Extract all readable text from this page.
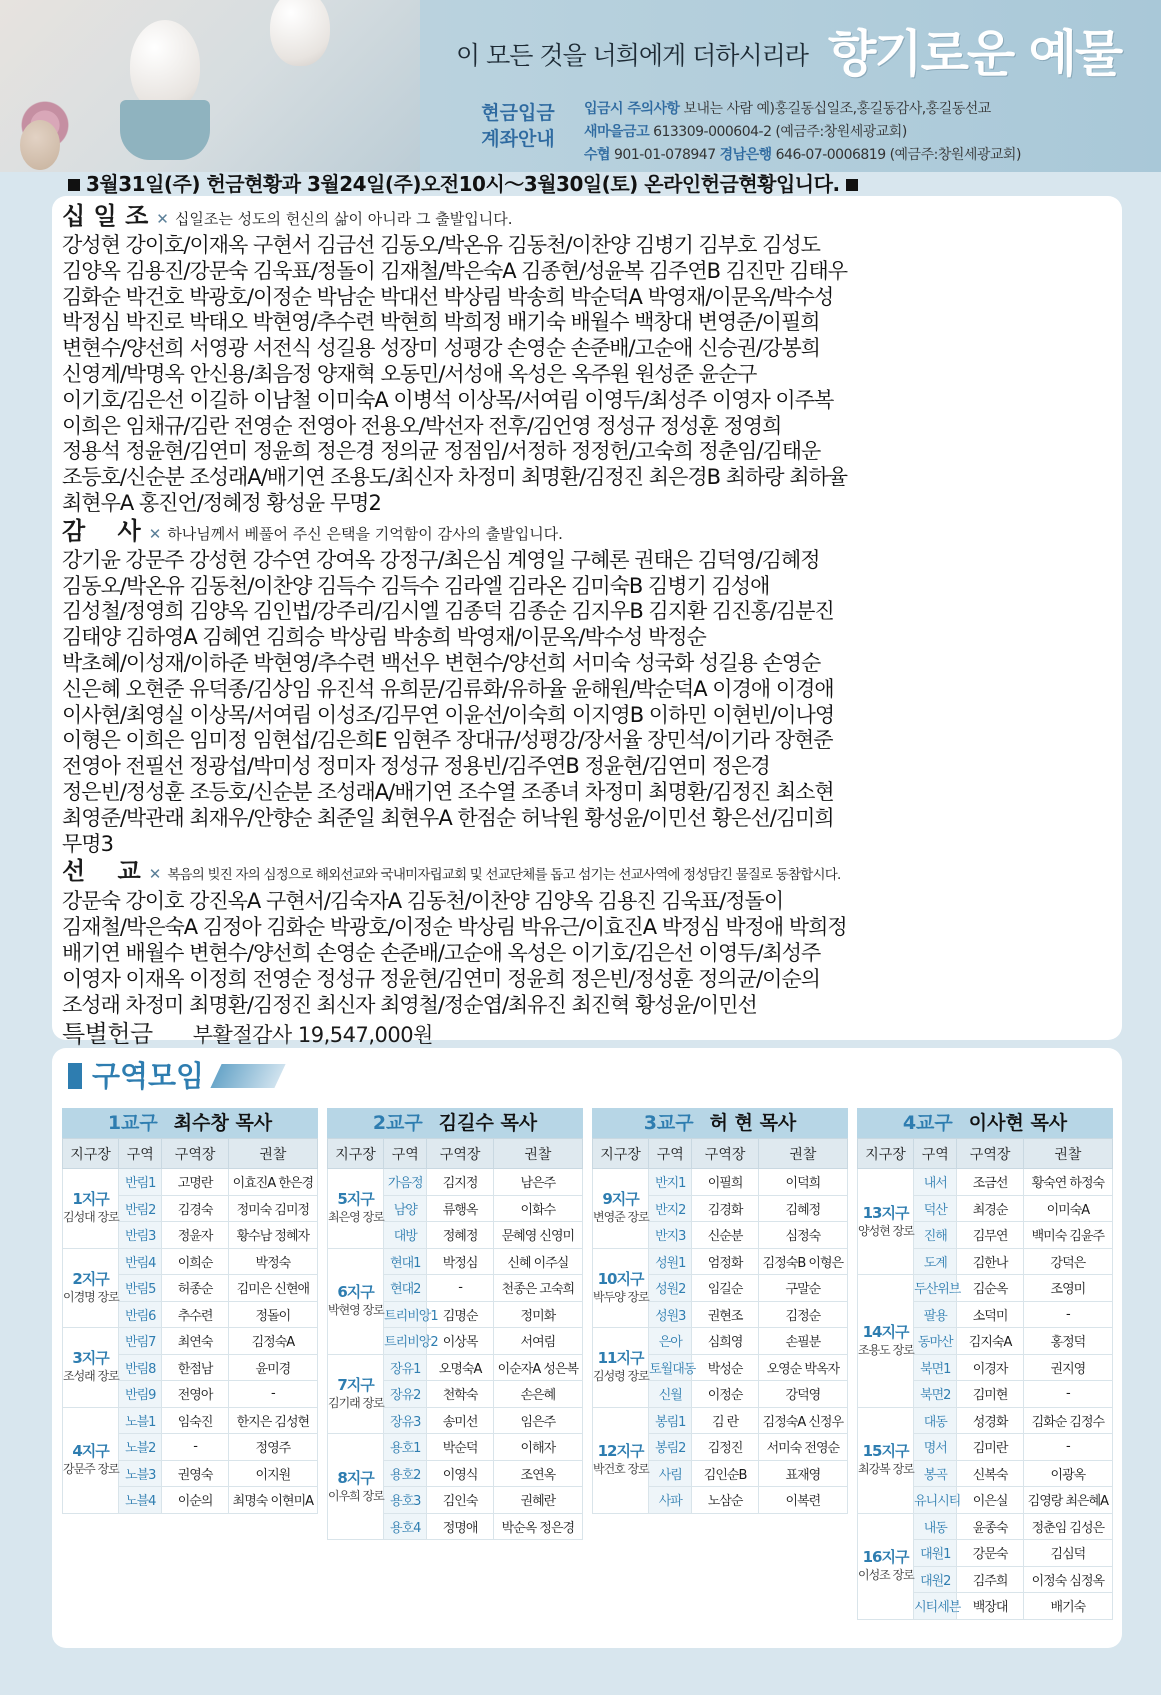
이 모든 것을 너희에게 더하시리라 향기로운 예물
현금입금
계좌안내
입금시 주의사항 보내는 사람 예)홍길동십일조,홍길동감사,홍길동선교
새마을금고 613309-000604-2 (예금주:창원세광교회)
수협 901-01-078947 경남은행 646-07-0006819 (예금주:창원세광교회)
3월31일(주) 헌금현황과 3월24일(주)오전10시～3월30일(토) 온라인헌금현황입니다.
십 일 조 ✕ 십일조는 성도의 헌신의 삶이 아니라 그 출발입니다.
강성현 강이호/이재옥 구현서 김금선 김동오/박온유 김동천/이찬양 김병기 김부호 김성도
김양옥 김용진/강문숙 김욱표/정돌이 김재철/박은숙A 김종현/성윤복 김주연B 김진만 김태우
김화순 박건호 박광호/이정순 박남순 박대선 박상림 박송희 박순덕A 박영재/이문옥/박수성
박정심 박진로 박태오 박현영/추수련 박현희 박희정 배기숙 배월수 백창대 변영준/이필희
변현수/양선희 서영광 서전식 성길용 성장미 성평강 손영순 손준배/고순애 신승권/강봉희
신영계/박명옥 안신용/최음정 양재혁 오동민/서성애 옥성은 옥주원 원성준 윤순구
이기호/김은선 이길하 이남철 이미숙A 이병석 이상목/서여림 이영두/최성주 이영자 이주복
이희은 임채규/김란 전영순 전영아 전용오/박선자 전후/김언영 정성규 정성훈 정영희
정용석 정윤현/김연미 정윤희 정은경 정의균 정점임/서정하 정정헌/고숙희 정춘임/김태운
조등호/신순분 조성래A/배기연 조용도/최신자 차정미 최명환/김정진 최은경B 최하랑 최하율
최현우A 홍진언/정혜정 황성윤 무명2
감　 사 ✕ 하나님께서 베풀어 주신 은택을 기억함이 감사의 출발입니다.
강기윤 강문주 강성현 강수연 강여옥 강정구/최은심 계영일 구혜론 권태은 김덕영/김혜정
김동오/박온유 김동천/이찬양 김득수 김득수 김라엘 김라온 김미숙B 김병기 김성애
김성철/정영희 김양옥 김인법/강주리/김시엘 김종덕 김종순 김지우B 김지환 김진홍/김분진
김태양 김하영A 김혜연 김희승 박상림 박송희 박영재/이문옥/박수성 박정순
박초혜/이성재/이하준 박현영/추수련 백선우 변현수/양선희 서미숙 성국화 성길용 손영순
신은혜 오현준 유덕종/김상임 유진석 유희문/김류화/유하율 윤해원/박순덕A 이경애 이경애
이사현/최영실 이상목/서여림 이성조/김무연 이윤선/이숙희 이지영B 이하민 이현빈/이나영
이형은 이희은 임미정 임현섭/김은희E 임현주 장대규/성평강/장서율 장민석/이기라 장현준
전영아 전필선 정광섭/박미성 정미자 정성규 정용빈/김주연B 정윤현/김연미 정은경
정은빈/정성훈 조등호/신순분 조성래A/배기연 조수열 조종녀 차정미 최명환/김정진 최소현
최영준/박관래 최재우/안향순 최준일 최현우A 한점순 허낙원 황성윤/이민선 황은선/김미희
무명3
선　 교 ✕ 복음의 빚진 자의 심정으로 해외선교와 국내미자립교회 및 선교단체를 돕고 섬기는 선교사역에 정성담긴 물질로 동참합시다.
강문숙 강이호 강진옥A 구현서/김숙자A 김동천/이찬양 김양옥 김용진 김욱표/정돌이
김재철/박은숙A 김정아 김화순 박광호/이정순 박상림 박유근/이효진A 박정심 박정애 박희정
배기연 배월수 변현수/양선희 손영순 손준배/고순애 옥성은 이기호/김은선 이영두/최성주
이영자 이재옥 이정희 전영순 정성규 정윤현/김연미 정윤희 정은빈/정성훈 정의균/이순의
조성래 차정미 최명환/김정진 최신자 최영철/정순엽/최유진 최진혁 황성윤/이민선
특별헌금 부활절감사 19,547,000원
구역모임
1교구 최수창 목사
지구장	구역	구역장	권찰

1지구
김성대 장로	반림1	고명란	이효진A 한은경
	반림2	김경숙	정미숙 김미정
	반림3	정윤자	황수남 정혜자

2지구
이경명 장로	반림4	이희순	박정숙
	반림5	허종순	김미은 신현애
	반림6	추수련	정돌이

3지구
조성래 장로	반림7	최연숙	김정숙A
	반림8	한점남	윤미경
	반림9	전영아	-

4지구
강문주 장로	노블1	임숙진	한지은 김성현
	노블2	-	정영주
	노블3	권영숙	이지원
	노블4	이순의	최명숙 이현미A
2교구 김길수 목사
지구장	구역	구역장	권찰

5지구
최은영 장로	가음정	김지정	남은주
	남양	류행옥	이화수
	대방	정혜정	문혜영 신영미

6지구
박현영 장로	현대1	박정심	신혜 이주실
	현대2	-	천종은 고숙희
	트리비앙1	김명순	정미화
	트리비앙2	이상목	서여림

7지구
김기래 장로	장유1	오명숙A	이순자A 성은복
	장유2	천학숙	손은혜
	장유3	송미선	임은주

8지구
이우희 장로	용호1	박순덕	이해자
	용호2	이영식	조연옥
	용호3	김인숙	권혜란
	용호4	정명애	박순옥 정은경
3교구 허 현 목사
지구장	구역	구역장	권찰

9지구
변영준 장로	반지1	이필희	이덕희
	반지2	김경화	김혜정
	반지3	신순분	심정숙

10지구
박두양 장로	성원1	엄정화	김정숙B 이형은
	성원2	임길순	구말순
	성원3	권현조	김정순

11지구
김성령 장로	은아	심희영	손필분
	토월대동	박성순	오영순 박옥자
	신월	이정순	강덕영

12지구
박건호 장로	봉림1	김 란	김정숙A 신정우
	봉림2	김정진	서미숙 전영순
	사림	김인순B	표재영
	사파	노삼순	이복련
4교구 이사현 목사
지구장	구역	구역장	권찰

13지구
양성현 장로	내서	조금선	황숙연 하정숙
	덕산	최경순	이미숙A
	진해	김무연	백미숙 김윤주
	도계	김한나	강덕은

14지구
조용도 장로	두산위브	김순옥	조영미
	팔용	소덕미	-
	동마산	김지숙A	홍정덕
	북면1	이경자	권지영
	북면2	김미현	-

15지구
최강복 장로	대동	성경화	김화순 김정수
	명서	김미란	-
	봉곡	신복숙	이광옥
	유니시티	이은실	김영랑 최은혜A

16지구
이성조 장로	내동	윤종숙	정춘임 김성은
	대원1	강문숙	김심덕
	대원2	김주희	이정숙 심정옥
	시티세븐	백장대	배기숙
